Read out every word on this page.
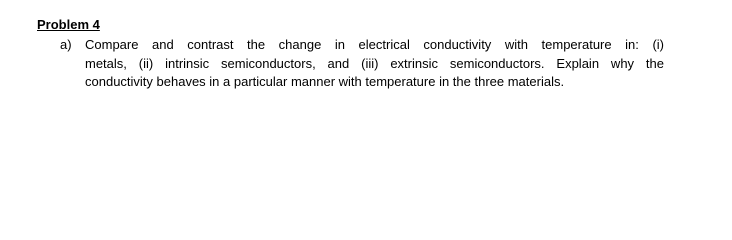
Problem 4
a) Compare and contrast the change in electrical conductivity with temperature in: (i)
metals, (ii) intrinsic semiconductors, and (iii) extrinsic semiconductors. Explain why the
conductivity behaves in a particular manner with temperature in the three materials.
